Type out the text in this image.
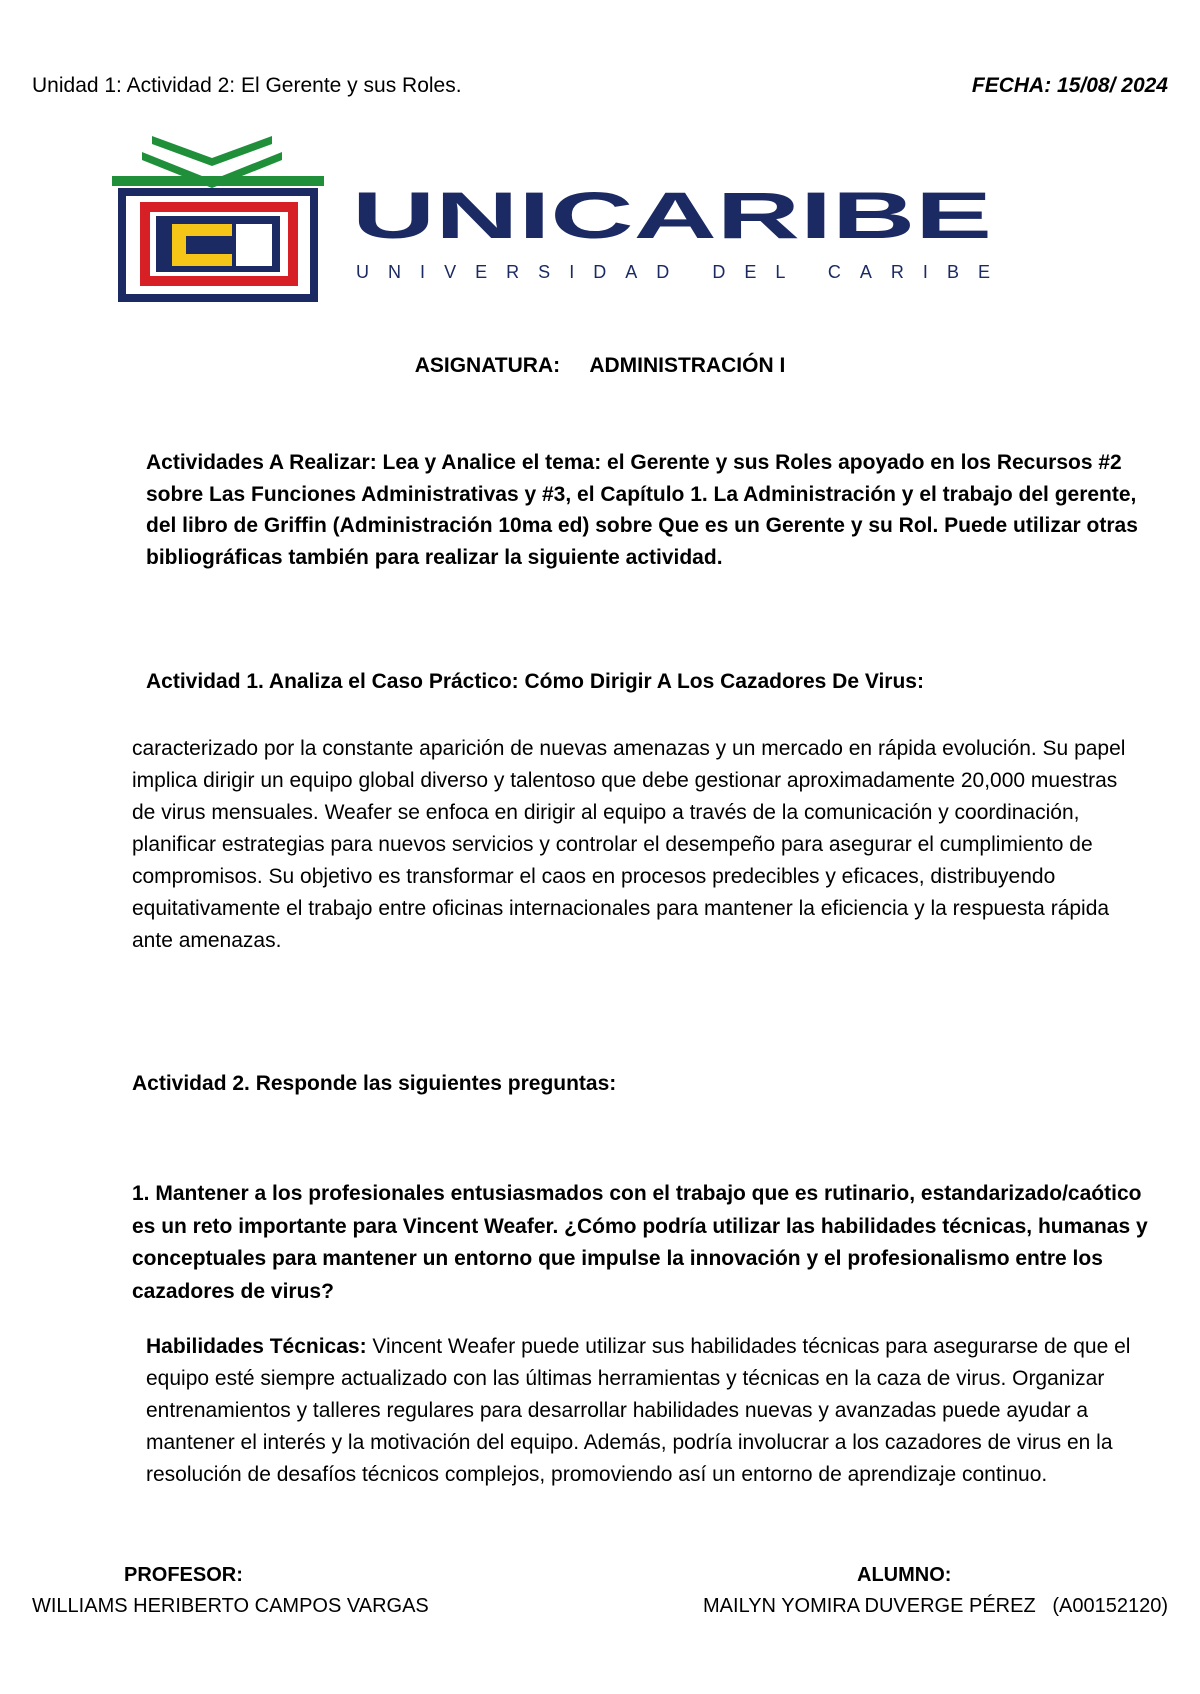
Unidad 1: Actividad 2: El Gerente y sus Roles.	FECHA: 15/08/ 2024
UNICARIBE
UNIVERSIDAD DEL CARIBE
ASIGNATURA: ADMINISTRACIÓN I
Actividades A Realizar: Lea y Analice el tema: el Gerente y sus Roles apoyado en los Recursos #2 sobre Las Funciones Administrativas y #3, el Capítulo 1. La Administración y el trabajo del gerente, del libro de Griffin (Administración 10ma ed) sobre Que es un Gerente y su Rol. Puede utilizar otras bibliográficas también para realizar la siguiente actividad.
Actividad 1. Analiza el Caso Práctico: Cómo Dirigir A Los Cazadores De Virus:
caracterizado por la constante aparición de nuevas amenazas y un mercado en rápida evolución. Su papel implica dirigir un equipo global diverso y talentoso que debe gestionar aproximadamente 20,000 muestras de virus mensuales. Weafer se enfoca en dirigir al equipo a través de la comunicación y coordinación, planificar estrategias para nuevos servicios y controlar el desempeño para asegurar el cumplimiento de compromisos. Su objetivo es transformar el caos en procesos predecibles y eficaces, distribuyendo equitativamente el trabajo entre oficinas internacionales para mantener la eficiencia y la respuesta rápida ante amenazas.
Actividad 2. Responde las siguientes preguntas:
1. Mantener a los profesionales entusiasmados con el trabajo que es rutinario, estandarizado/caótico es un reto importante para Vincent Weafer. ¿Cómo podría utilizar las habilidades técnicas, humanas y conceptuales para mantener un entorno que impulse la innovación y el profesionalismo entre los cazadores de virus?
Habilidades Técnicas: Vincent Weafer puede utilizar sus habilidades técnicas para asegurarse de que el equipo esté siempre actualizado con las últimas herramientas y técnicas en la caza de virus. Organizar entrenamientos y talleres regulares para desarrollar habilidades nuevas y avanzadas puede ayudar a mantener el interés y la motivación del equipo. Además, podría involucrar a los cazadores de virus en la resolución de desafíos técnicos complejos, promoviendo así un entorno de aprendizaje continuo.
PROFESOR:
WILLIAMS HERIBERTO CAMPOS VARGAS
ALUMNO:
MAILYN YOMIRA DUVERGE PÉREZ   (A00152120)
